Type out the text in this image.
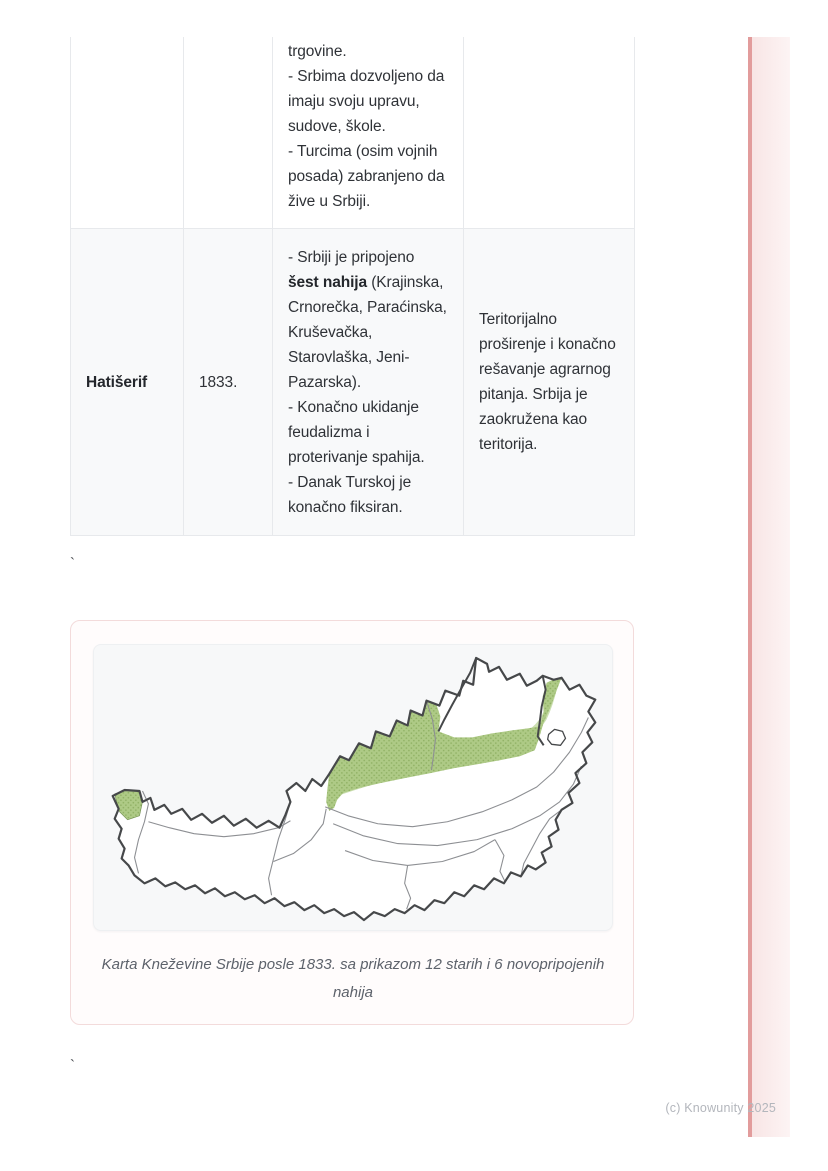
		trgovine.

- Srbima dozvoljeno da imaju svoju upravu, sudove, škole.

- Turcima (osim vojnih posada) zabranjeno da žive u Srbiji.	

Hatišerif	1833.	- Srbiji je pripojeno šest nahija (Krajinska, Crnorečka, Paraćinska, Kruševačka, Starovlaška, Jeni-Pazarska).

- Konačno ukidanje feudalizma i proterivanje spahija.

- Danak Turskoj je konačno fiksiran.	Teritorijalno proširenje i konačno rešavanje agrarnog pitanja. Srbija je zaokružena kao teritorija.
`
`
Karta Kneževine Srbije posle 1833. sa prikazom 12 starih i 6 novopripojenih nahija
(c) Knowunity 2025
